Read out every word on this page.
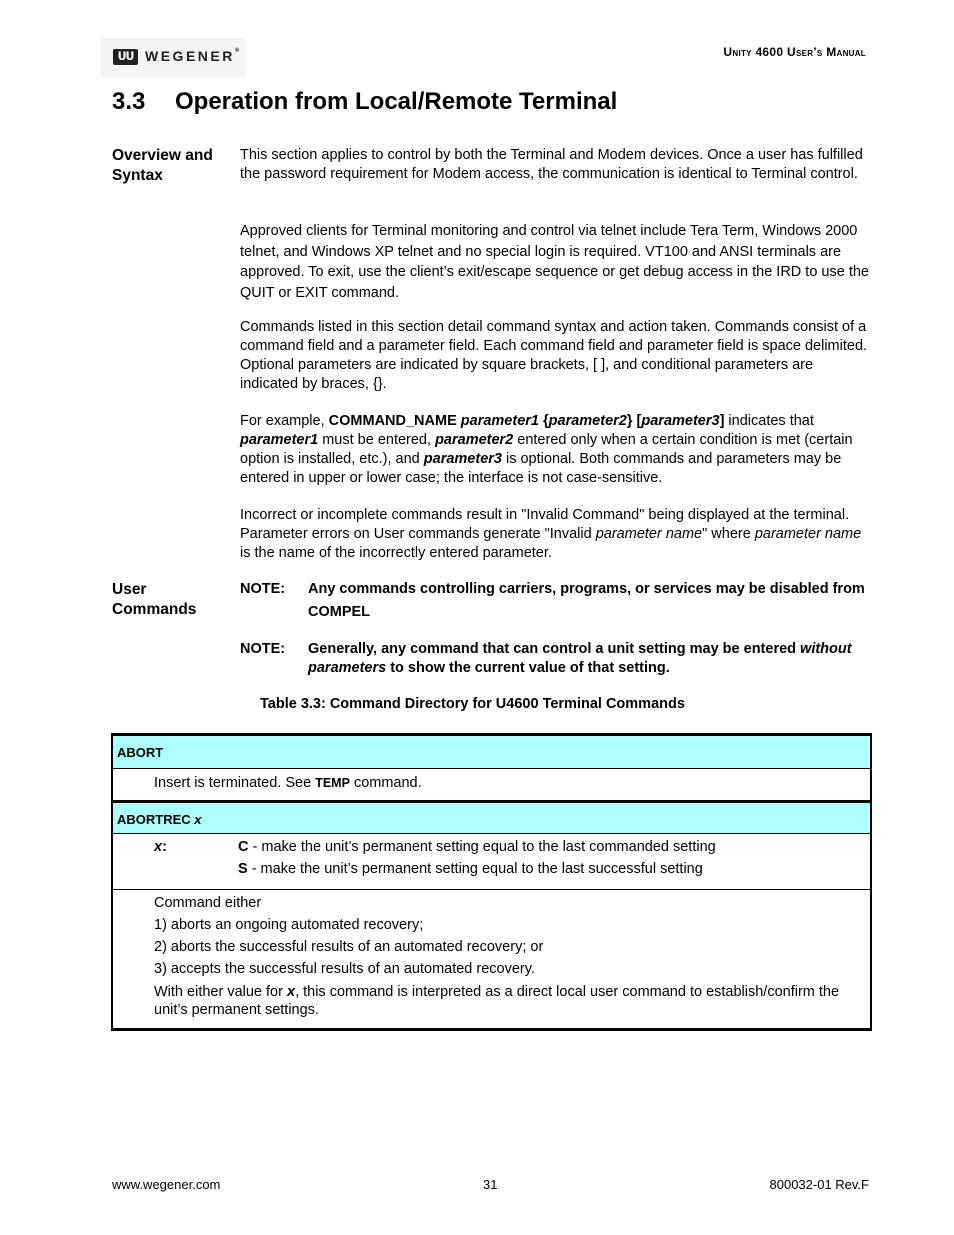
ᑌᑌ WEGENER®	Unity 4600 User’s Manual
3.3 Operation from Local/Remote Terminal
Overview and
Syntax
This section applies to control by both the Terminal and Modem devices. Once a user has fulfilled the password requirement for Modem access, the communication is identical to Terminal control.
Approved clients for Terminal monitoring and control via telnet include Tera Term, Windows 2000 telnet, and Windows XP telnet and no special login is required. VT100 and ANSI terminals are approved. To exit, use the client’s exit/escape sequence or get debug access in the IRD to use the QUIT or EXIT command.
Commands listed in this section detail command syntax and action taken. Commands consist of a command field and a parameter field. Each command field and parameter field is space delimited. Optional parameters are indicated by square brackets, [ ], and conditional parameters are indicated by braces, {}.
For example, COMMAND_NAME parameter1 {parameter2} [parameter3] indicates that parameter1 must be entered, parameter2 entered only when a certain condition is met (certain option is installed, etc.), and parameter3 is optional. Both commands and parameters may be entered in upper or lower case; the interface is not case-sensitive.
Incorrect or incomplete commands result in "Invalid Command" being displayed at the terminal. Parameter errors on User commands generate "Invalid parameter name" where parameter name is the name of the incorrectly entered parameter.
User
Commands
NOTE: Any commands controlling carriers, programs, or services may be disabled from COMPEL
NOTE: Generally, any command that can control a unit setting may be entered without parameters to show the current value of that setting.
Table 3.3: Command Directory for U4600 Terminal Commands
ABORT
Insert is terminated. See TEMP command.
ABORTREC x
x:	C - make the unit’s permanent setting equal to the last commanded setting
S - make the unit’s permanent setting equal to the last successful setting
Command either
1) aborts an ongoing automated recovery;
2) aborts the successful results of an automated recovery; or
3) accepts the successful results of an automated recovery.
With either value for x, this command is interpreted as a direct local user command to establish/confirm the unit’s permanent settings.
www.wegener.com	31	800032-01 Rev.F
